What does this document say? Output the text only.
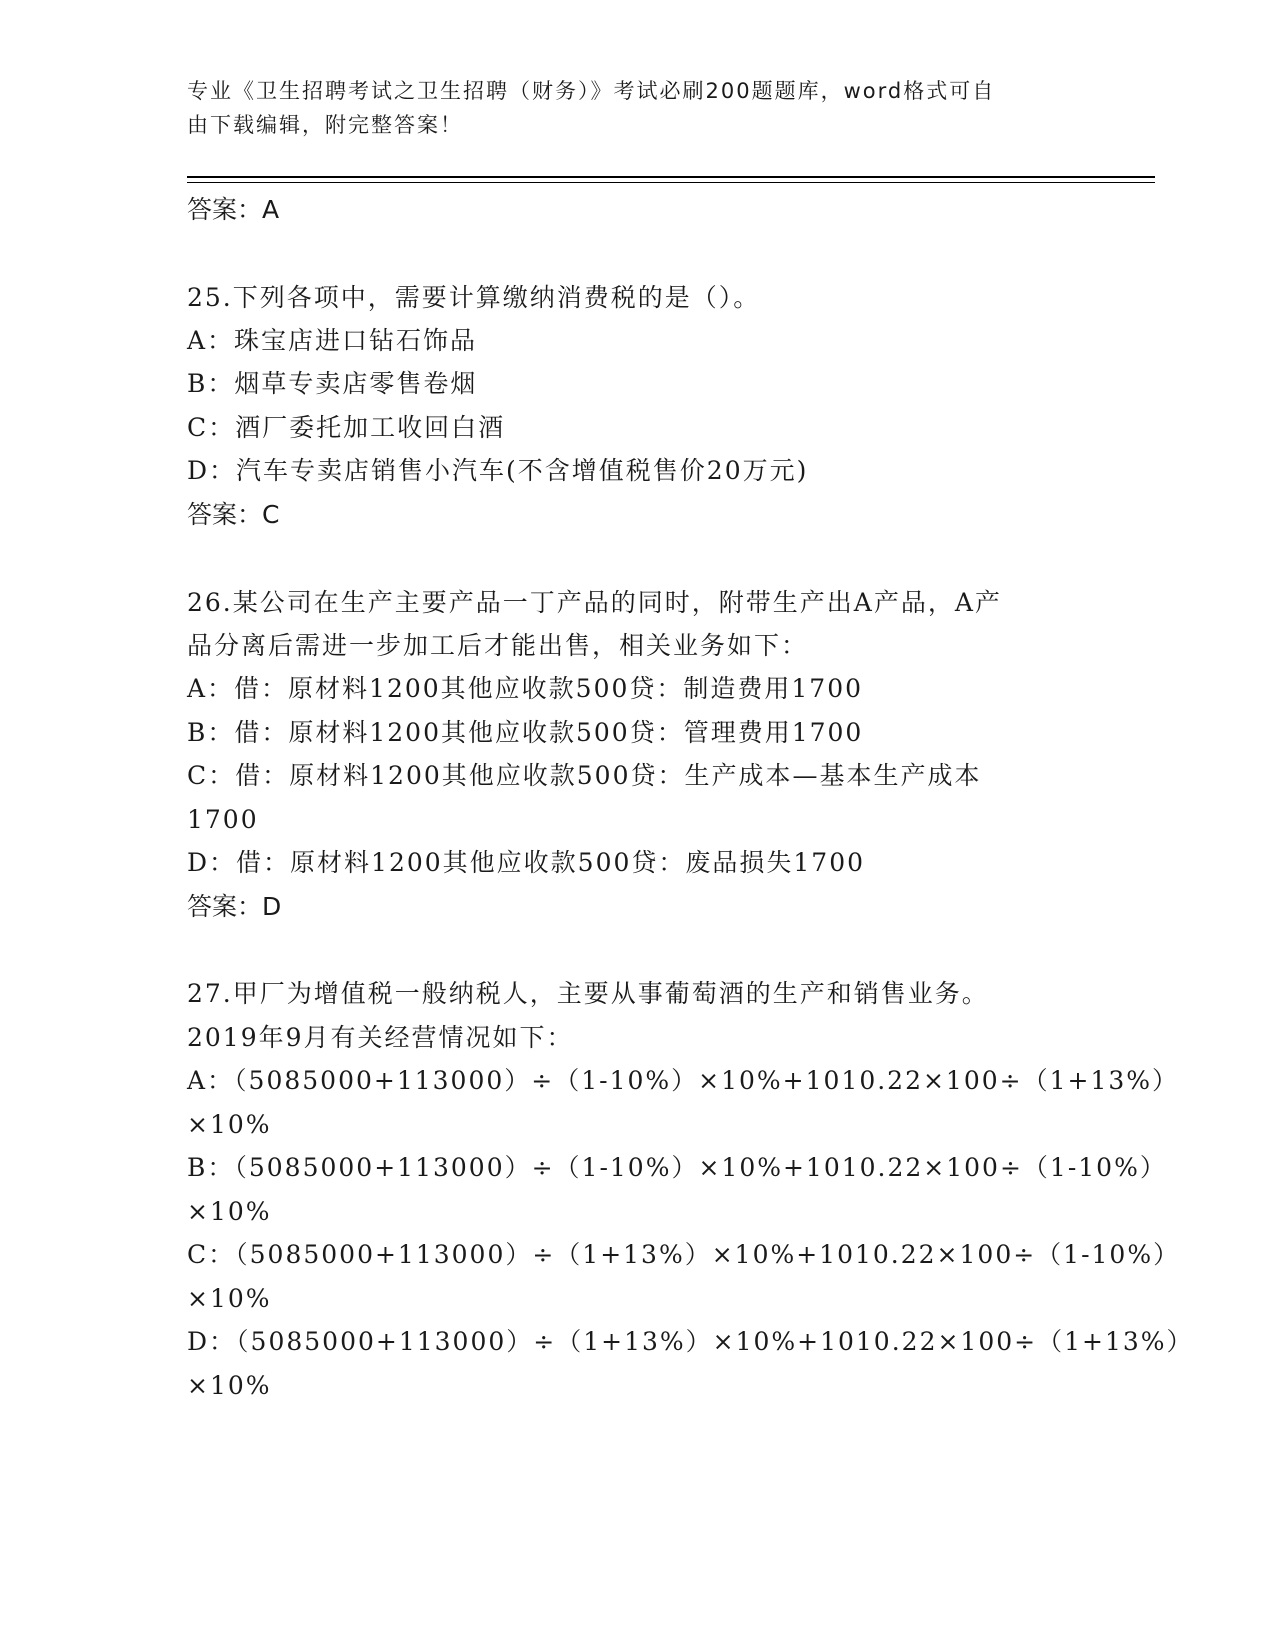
专业《卫生招聘考试之卫生招聘（财务）》考试必刷200题题库，word格式可自
由下载编辑，附完整答案！
答案：A
25.下列各项中，需要计算缴纳消费税的是（）。
A：珠宝店进口钻石饰品
B：烟草专卖店零售卷烟
C：酒厂委托加工收回白酒
D：汽车专卖店销售小汽车(不含增值税售价20万元)
答案：C
26.某公司在生产主要产品一丁产品的同时，附带生产出A产品，A产
品分离后需进一步加工后才能出售，相关业务如下：
A：借：原材料1200其他应收款500贷：制造费用1700
B：借：原材料1200其他应收款500贷：管理费用1700
C：借：原材料1200其他应收款500贷：生产成本—基本生产成本
1700
D：借：原材料1200其他应收款500贷：废品损失1700
答案：D
27.甲厂为增值税一般纳税人，主要从事葡萄酒的生产和销售业务。
2019年9月有关经营情况如下：
A：（5085000+113000）÷（1-10%）×10%+1010.22×100÷（1+13%）
×10%
B：（5085000+113000）÷（1-10%）×10%+1010.22×100÷（1-10%）
×10%
C：（5085000+113000）÷（1+13%）×10%+1010.22×100÷（1-10%）
×10%
D：（5085000+113000）÷（1+13%）×10%+1010.22×100÷（1+13%）
×10%
